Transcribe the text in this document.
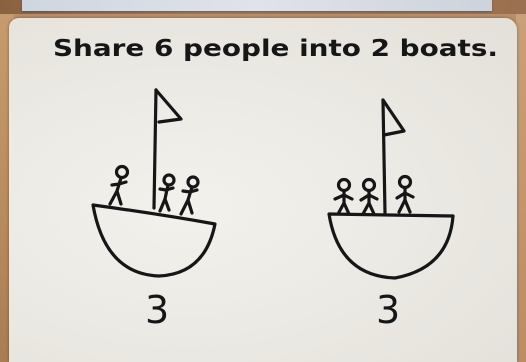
Share 6 people into 2 boats.
3	3
